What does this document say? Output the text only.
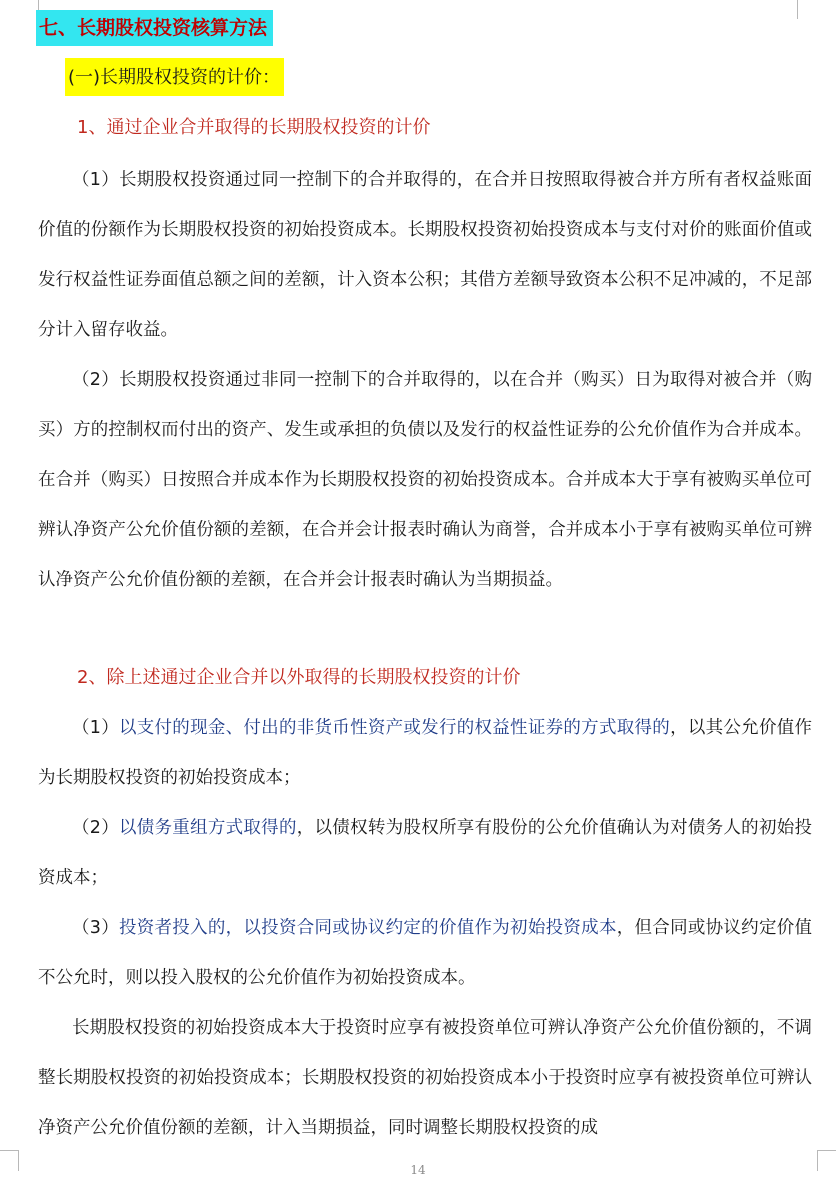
七、长期股权投资核算方法
(一)长期股权投资的计价：
1、通过企业合并取得的长期股权投资的计价
（1）长期股权投资通过同一控制下的合并取得的，在合并日按照取得被合并方所有者权益账面价值的份额作为长期股权投资的初始投资成本。长期股权投资初始投资成本与支付对价的账面价值或发行权益性证券面值总额之间的差额，计入资本公积；其借方差额导致资本公积不足冲减的，不足部分计入留存收益。
（2）长期股权投资通过非同一控制下的合并取得的，以在合并（购买）日为取得对被合并（购买）方的控制权而付出的资产、发生或承担的负债以及发行的权益性证券的公允价值作为合并成本。在合并（购买）日按照合并成本作为长期股权投资的初始投资成本。合并成本大于享有被购买单位可辨认净资产公允价值份额的差额，在合并会计报表时确认为商誉，合并成本小于享有被购买单位可辨认净资产公允价值份额的差额，在合并会计报表时确认为当期损益。
2、除上述通过企业合并以外取得的长期股权投资的计价
（1）以支付的现金、付出的非货币性资产或发行的权益性证券的方式取得的，以其公允价值作为长期股权投资的初始投资成本；
（2）以债务重组方式取得的，以债权转为股权所享有股份的公允价值确认为对债务人的初始投资成本；
（3）投资者投入的，以投资合同或协议约定的价值作为初始投资成本，但合同或协议约定价值不公允时，则以投入股权的公允价值作为初始投资成本。
长期股权投资的初始投资成本大于投资时应享有被投资单位可辨认净资产公允价值份额的，不调整长期股权投资的初始投资成本；长期股权投资的初始投资成本小于投资时应享有被投资单位可辨认净资产公允价值份额的差额，计入当期损益，同时调整长期股权投资的成
14
